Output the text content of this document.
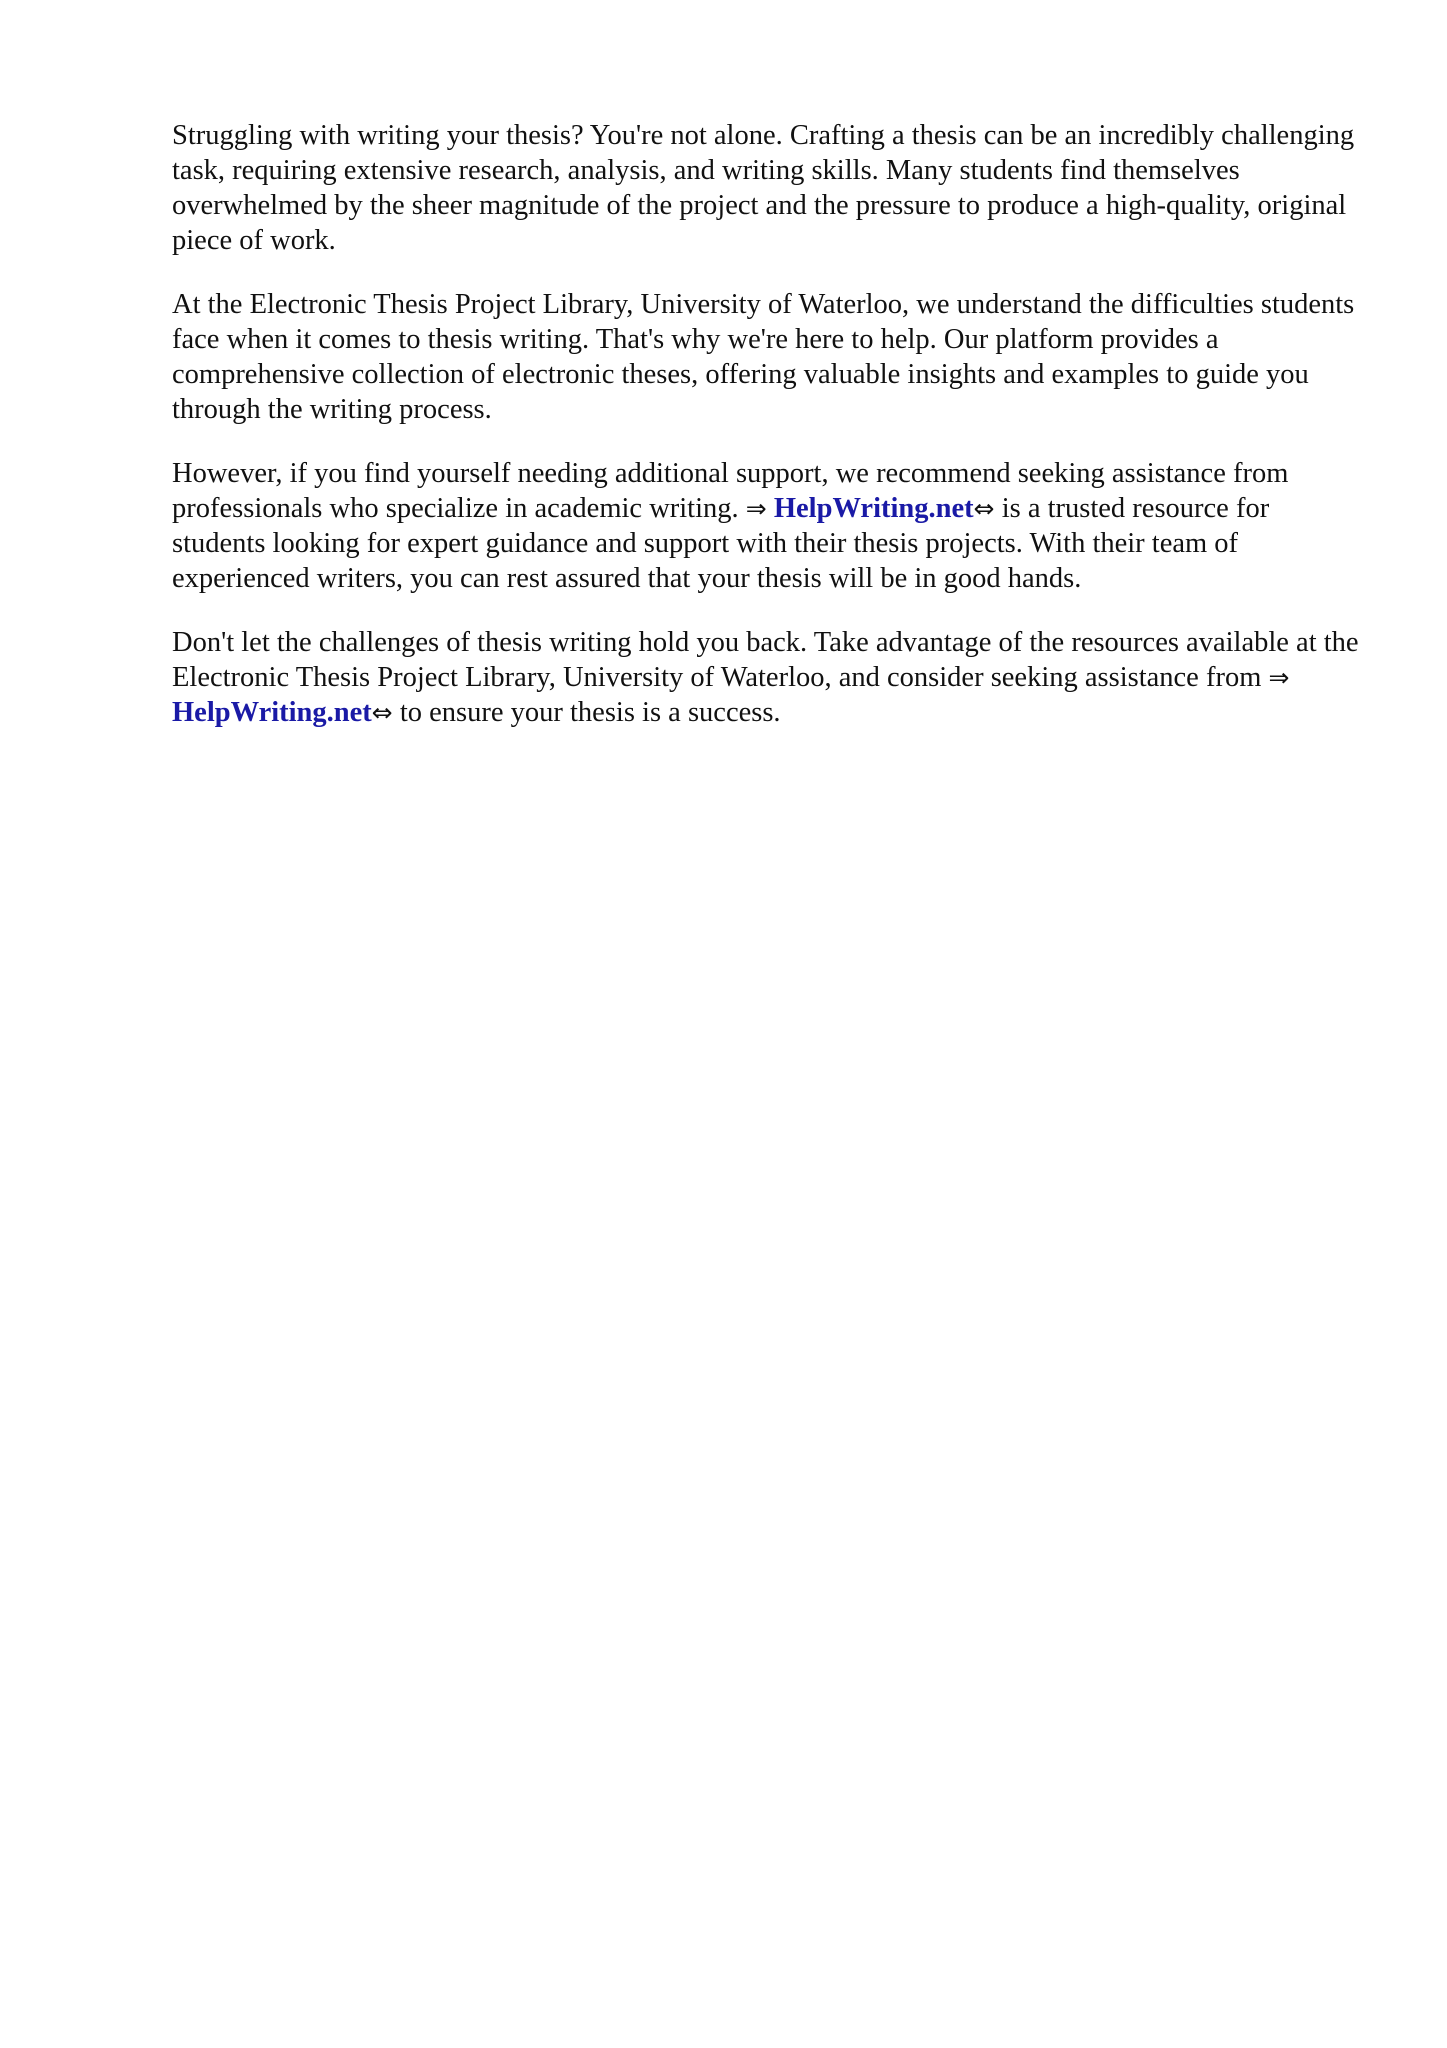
Struggling with writing your thesis? You're not alone. Crafting a thesis can be an incredibly challenging task, requiring extensive research, analysis, and writing skills. Many students find themselves overwhelmed by the sheer magnitude of the project and the pressure to produce a high-quality, original piece of work.

At the Electronic Thesis Project Library, University of Waterloo, we understand the difficulties students face when it comes to thesis writing. That's why we're here to help. Our platform provides a comprehensive collection of electronic theses, offering valuable insights and examples to guide you through the writing process.

However, if you find yourself needing additional support, we recommend seeking assistance from professionals who specialize in academic writing. ⇒ HelpWriting.net⇔ is a trusted resource for students looking for expert guidance and support with their thesis projects. With their team of experienced writers, you can rest assured that your thesis will be in good hands.

Don't let the challenges of thesis writing hold you back. Take advantage of the resources available at the Electronic Thesis Project Library, University of Waterloo, and consider seeking assistance from ⇒ HelpWriting.net⇔ to ensure your thesis is a success.
